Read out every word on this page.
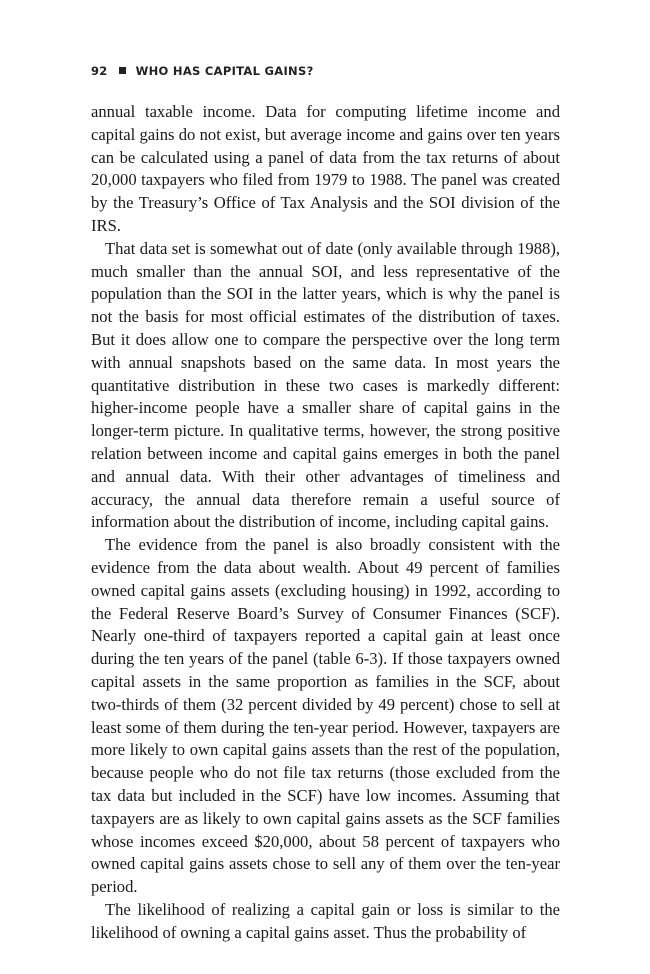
92 WHO HAS CAPITAL GAINS?

annual taxable income. Data for computing lifetime income and capital gains do not exist, but average income and gains over ten years can be calculated using a panel of data from the tax returns of about 20,000 taxpayers who filed from 1979 to 1988. The panel was created by the Treasury’s Office of Tax Analysis and the SOI division of the IRS.

That data set is somewhat out of date (only available through 1988), much smaller than the annual SOI, and less representative of the population than the SOI in the latter years, which is why the panel is not the basis for most official estimates of the distribution of taxes. But it does allow one to compare the perspective over the long term with annual snapshots based on the same data. In most years the quantitative distribution in these two cases is markedly different: higher-income people have a smaller share of capital gains in the longer-term picture. In qualitative terms, however, the strong positive relation between income and capital gains emerges in both the panel and annual data. With their other advantages of timeliness and accuracy, the annual data therefore remain a useful source of information about the distribution of income, including capital gains.

The evidence from the panel is also broadly consistent with the evidence from the data about wealth. About 49 percent of families owned capital gains assets (excluding housing) in 1992, according to the Federal Reserve Board’s Survey of Consumer Finances (SCF). Nearly one-third of taxpayers reported a capital gain at least once during the ten years of the panel (table 6-3). If those taxpayers owned capital assets in the same proportion as families in the SCF, about two-thirds of them (32 percent divided by 49 percent) chose to sell at least some of them during the ten-year period. However, taxpayers are more likely to own capital gains assets than the rest of the population, because people who do not file tax returns (those excluded from the tax data but included in the SCF) have low incomes. Assuming that taxpayers are as likely to own capital gains assets as the SCF families whose incomes exceed $20,000, about 58 percent of taxpayers who owned capital gains assets chose to sell any of them over the ten-year period.

The likelihood of realizing a capital gain or loss is similar to the likelihood of owning a capital gains asset. Thus the probability of
